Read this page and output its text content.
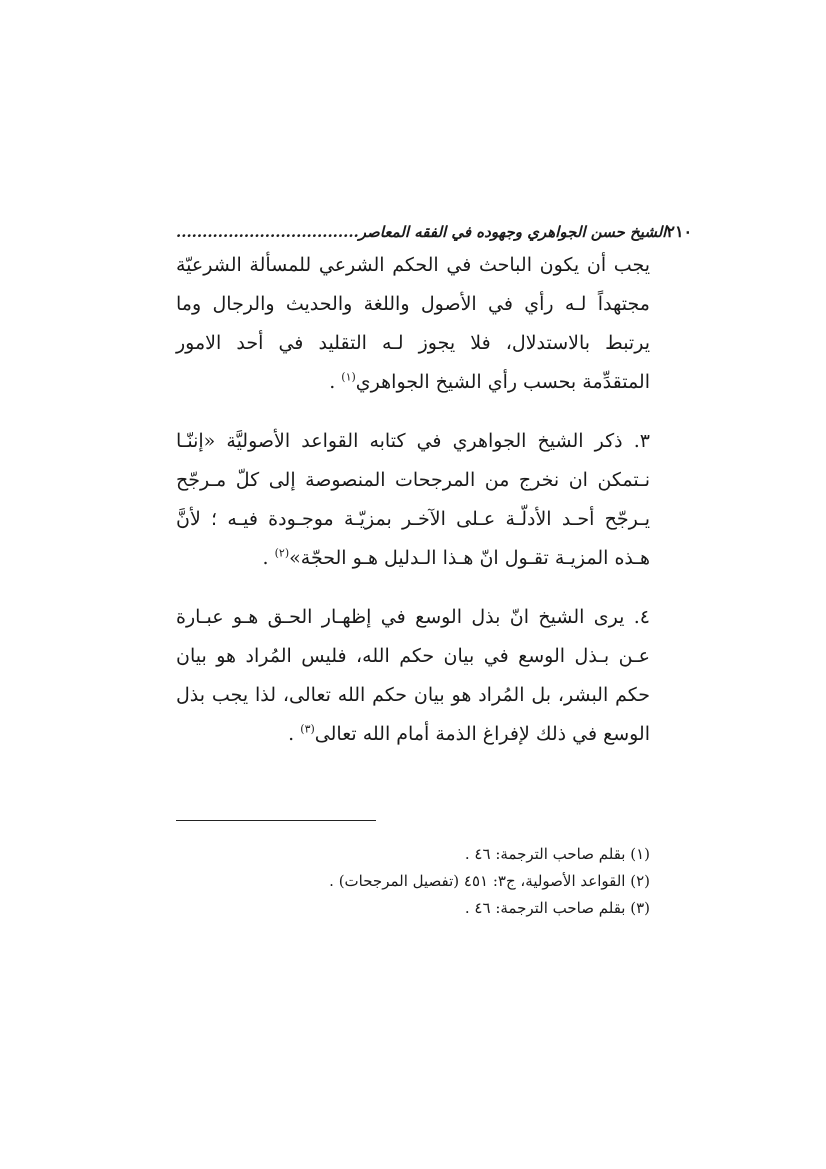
٢١٠
الشيخ حسن الجواهري وجهوده في الفقه المعاصر...................................

يجب أن يكون الباحث في الحكم الشرعي للمسألة الشرعيّة مجتهداً لـه رأي في الأصول واللغة والحديث والرجال وما يرتبط بالاستدلال، فلا يجوز لـه التقليد في أحد الامور المتقدِّمة بحسب رأي الشيخ الجواهري$^{(١)}$ .

٣. ذكر الشيخ الجواهري في كتابه القواعد الأصوليَّة «إننّـا نـتمكن ان نخرج من المرجحات المنصوصة إلى كلّ مـرجّح يـرجّح أحـد الأدلّـة عـلى الآخـر بمزيّـة موجـودة فيـه ؛ لأنَّ هـذه المزيـة تقـول انّ هـذا الـدليل هـو الحجّة»$^{(٢)}$ .

٤. يرى الشيخ انّ بذل الوسع في إظهـار الحـق هـو عبـارة عـن بـذل الوسع في بيان حكم الله، فليس المُراد هو بيان حكم البشر، بل المُراد هو بيان حكم الله تعالى، لذا يجب بذل الوسع في ذلك لإفراغ الذمة أمام الله تعالى$^{(٣)}$ .

(١) بقلم صاحب الترجمة: ٤٦ .
(٢) القواعد الأصولية، ج٣: ٤٥١ (تفصيل المرجحات) .
(٣) بقلم صاحب الترجمة: ٤٦ .
